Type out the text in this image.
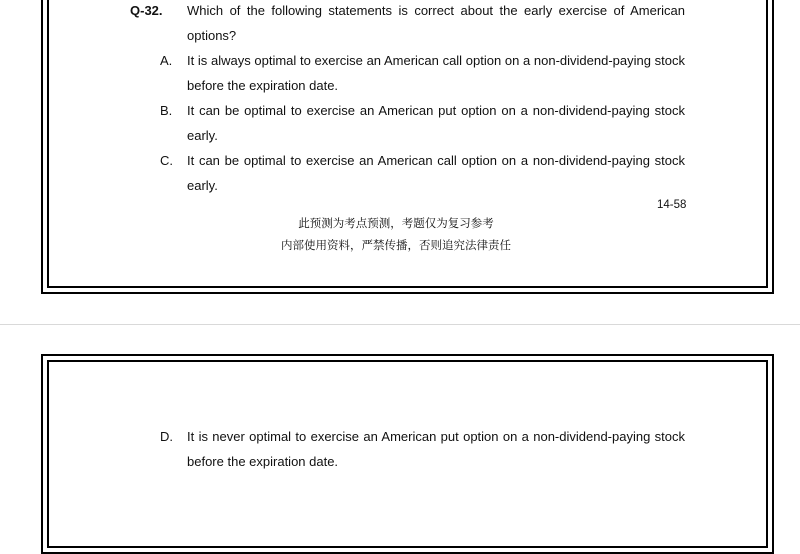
Q-32. Which of the following statements is correct about the early exercise of American
options?
A. It is always optimal to exercise an American call option on a non-dividend-paying stock
before the expiration date.
B. It can be optimal to exercise an American put option on a non-dividend-paying stock
early.
C. It can be optimal to exercise an American call option on a non-dividend-paying stock
early.
14-58
此预测为考点预测，考题仅为复习参考
内部使用资料，严禁传播，否则追究法律责任
D. It is never optimal to exercise an American put option on a non-dividend-paying stock
before the expiration date.
